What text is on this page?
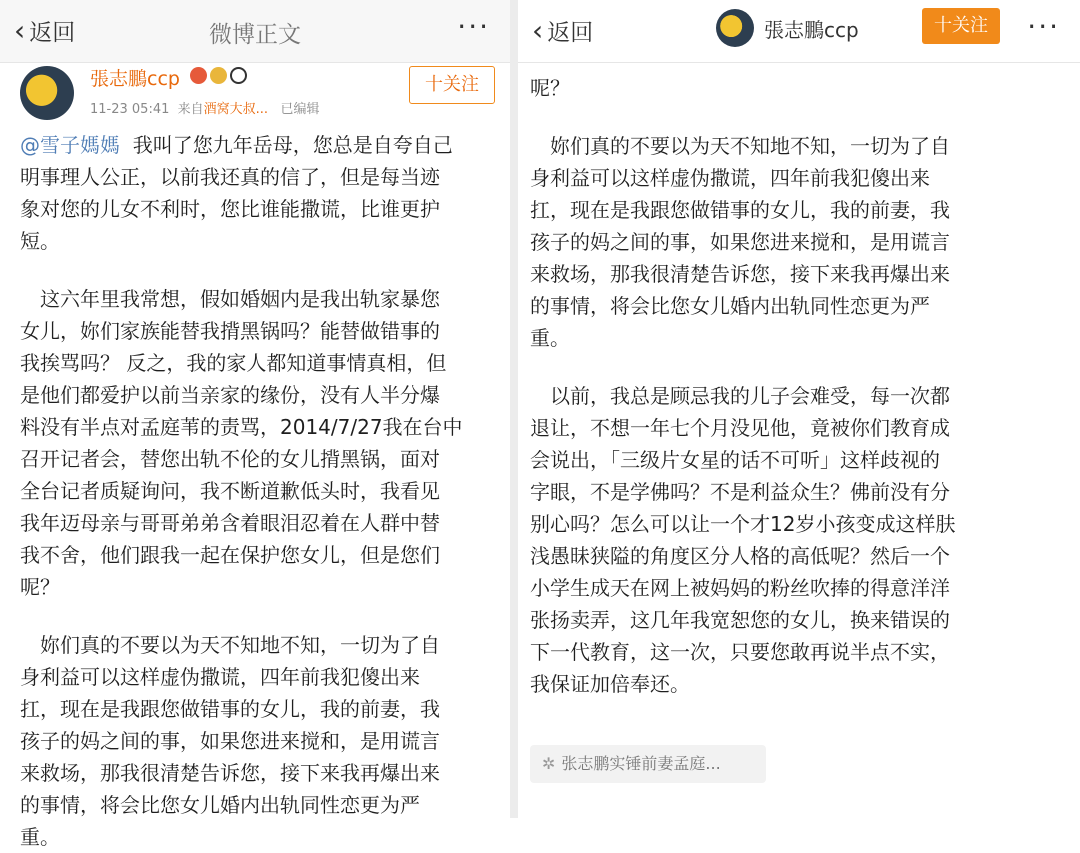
‹ 返回	微博正文	···
張志鵬ccp
11-23 05:41 来自酒窝大叔... 已编辑
十关注

@雪子媽媽 我叫了您九年岳母，您总是自夸自己

明事理人公正，以前我还真的信了，但是每当迹

象对您的儿女不利时，您比谁能撒谎，比谁更护

短。

　这六年里我常想，假如婚姻内是我出轨家暴您

女儿，妳们家族能替我揹黑锅吗？能替做错事的

我挨骂吗？ 反之，我的家人都知道事情真相，但

是他们都爱护以前当亲家的缘份，没有人半分爆

料没有半点对孟庭苇的责骂，2014/7/27我在台中

召开记者会，替您出轨不伦的女儿揹黑锅，面对

全台记者质疑询问，我不断道歉低头时，我看见

我年迈母亲与哥哥弟弟含着眼泪忍着在人群中替

我不舍，他们跟我一起在保护您女儿，但是您们

呢？

　妳们真的不要以为天不知地不知，一切为了自

身利益可以这样虚伪撒谎，四年前我犯傻出来

扛，现在是我跟您做错事的女儿，我的前妻，我

孩子的妈之间的事，如果您进来搅和，是用谎言

来救场，那我很清楚告诉您，接下来我再爆出来

的事情，将会比您女儿婚内出轨同性恋更为严

重。

‹ 返回	張志鵬ccp	···
十关注

呢？

　妳们真的不要以为天不知地不知，一切为了自

身利益可以这样虚伪撒谎，四年前我犯傻出来

扛，现在是我跟您做错事的女儿，我的前妻，我

孩子的妈之间的事，如果您进来搅和，是用谎言

来救场，那我很清楚告诉您，接下来我再爆出来

的事情，将会比您女儿婚内出轨同性恋更为严

重。

　以前，我总是顾忌我的儿子会难受，每一次都

退让，不想一年七个月没见他，竟被你们教育成

会说出，「三级片女星的话不可听」这样歧视的

字眼，不是学佛吗？不是利益众生？佛前没有分

别心吗？怎么可以让一个才12岁小孩变成这样肤

浅愚昧狭隘的角度区分人格的高低呢？然后一个

小学生成天在网上被妈妈的粉丝吹捧的得意洋洋

张扬卖弄，这几年我宽恕您的女儿，换来错误的

下一代教育，这一次，只要您敢再说半点不实，

我保证加倍奉还。

✲ 张志鹏实锤前妻孟庭...
